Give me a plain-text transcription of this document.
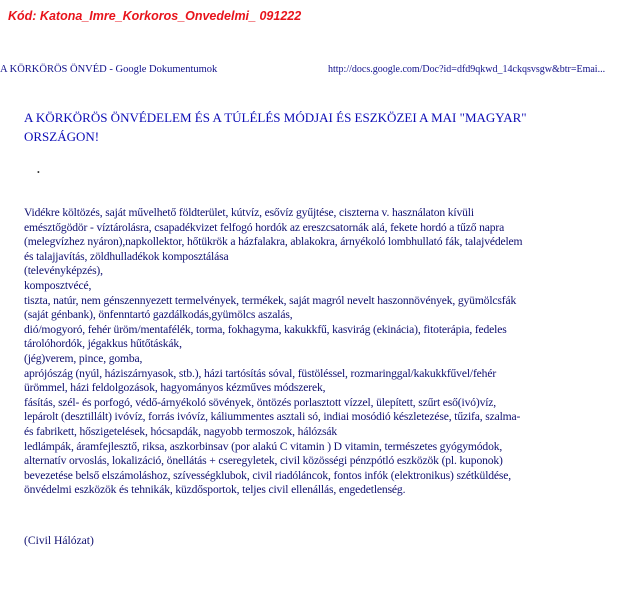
Kód: Katona_Imre_Korkoros_Onvedelmi_ 091222
A KÖRKÖRÖS ÖNVÉD - Google Dokumentumok	http://docs.google.com/Doc?id=dfd9qkwd_14ckqsvsgw&btr=Emai...
A KÖRKÖRÖS ÖNVÉDELEM ÉS A TÚLÉLÉS MÓDJAI ÉS ESZKÖZEI A MAI "MAGYAR"
ORSZÁGON!
•
Vidékre költözés, saját művelhető földterület, kútvíz, esővíz gyűjtése, ciszterna v. használaton kívüli
emésztőgödör - víztárolásra, csapadékvizet felfogó hordók az ereszcsatornák alá, fekete hordó a tűző napra
(melegvízhez nyáron),napkollektor, hőtükrök a házfalakra, ablakokra, árnyékoló lombhullató fák, talajvédelem
és talajjavítás, zöldhulladékok komposztálása
(televényképzés),
komposztvécé,
tiszta, natúr, nem génszennyezett termelvények, termékek, saját magról nevelt haszonnövények, gyümölcsfák
(saját génbank), önfenntartó gazdálkodás,gyümölcs aszalás,
dió/mogyoró, fehér üröm/mentafélék, torma, fokhagyma, kakukkfű, kasvirág (ekinácia), fitoterápia, fedeles
tárolóhordók, jégakkus hűtőtáskák,
(jég)verem, pince, gomba,
aprójószág (nyúl, háziszárnyasok, stb.), házi tartósítás sóval, füstöléssel, rozmaringgal/kakukkfűvel/fehér
ürömmel, házi feldolgozások, hagyományos kézműves módszerek,
fásítás, szél- és porfogó, védő-árnyékoló sövények, öntözés porlasztott vízzel, ülepített, szűrt eső(ivó)víz,
lepárolt (desztillált) ivóvíz, forrás ivóvíz, káliummentes asztali só, indiai mosódió készletezése, tűzifa, szalma-
és fabrikett, hőszigetelések, hócsapdák, nagyobb termoszok, hálózsák
ledlámpák, áramfejlesztő, riksa, aszkorbinsav (por alakú C vitamin ) D vitamin, természetes gyógymódok,
alternatív orvoslás, lokalizáció, önellátás + cseregyletek, civil közösségi pénzpótló eszközök (pl. kuponok)
bevezetése belső elszámoláshoz, szívességklubok, civil riadóláncok, fontos infók (elektronikus) szétküldése,
önvédelmi eszközök és tehnikák, küzdősportok, teljes civil ellenállás, engedetlenség.
(Civil Hálózat)
